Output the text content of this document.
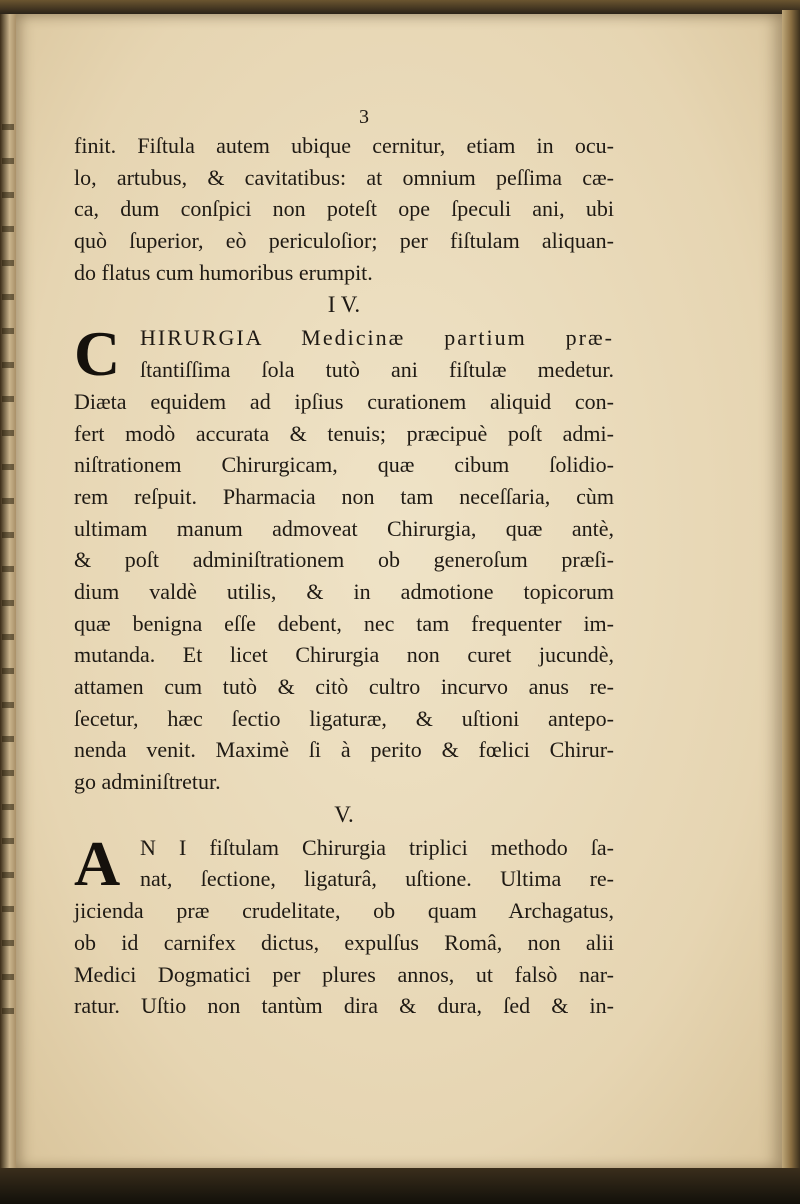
3
finit. Fiſtula autem ubique cernitur, etiam in ocu-
lo, artubus, & cavitatibus: at omnium peſſima cæ-
ca, dum conſpici non poteſt ope ſpeculi ani, ubi
quò ſuperior, eò periculoſior; per fiſtulam aliquan-
do flatus cum humoribus erumpit.
I V.
C HIRURGIA Medicinæ partium præ-
ſtantiſſima ſola tutò ani fiſtulæ medetur.
Diæta equidem ad ipſius curationem aliquid con-
fert modò accurata & tenuis; præcipuè poſt admi-
niſtrationem Chirurgicam, quæ cibum ſolidio-
rem reſpuit. Pharmacia non tam neceſſaria, cùm
ultimam manum admoveat Chirurgia, quæ antè,
& poſt adminiſtrationem ob generoſum præſi-
dium valdè utilis, & in admotione topicorum
quæ benigna eſſe debent, nec tam frequenter im-
mutanda. Et licet Chirurgia non curet jucundè,
attamen cum tutò & citò cultro incurvo anus re-
ſecetur, hæc ſectio ligaturæ, & uſtioni antepo-
nenda venit. Maximè ſi à perito & fœlici Chirur-
go adminiſtretur.
V.
A N I fiſtulam Chirurgia triplici methodo ſa-
nat, ſectione, ligaturâ, uſtione. Ultima re-
jicienda præ crudelitate, ob quam Archagatus,
ob id carnifex dictus, expulſus Româ, non alii
Medici Dogmatici per plures annos, ut falsò nar-
ratur. Uſtio non tantùm dira & dura, ſed & in-
